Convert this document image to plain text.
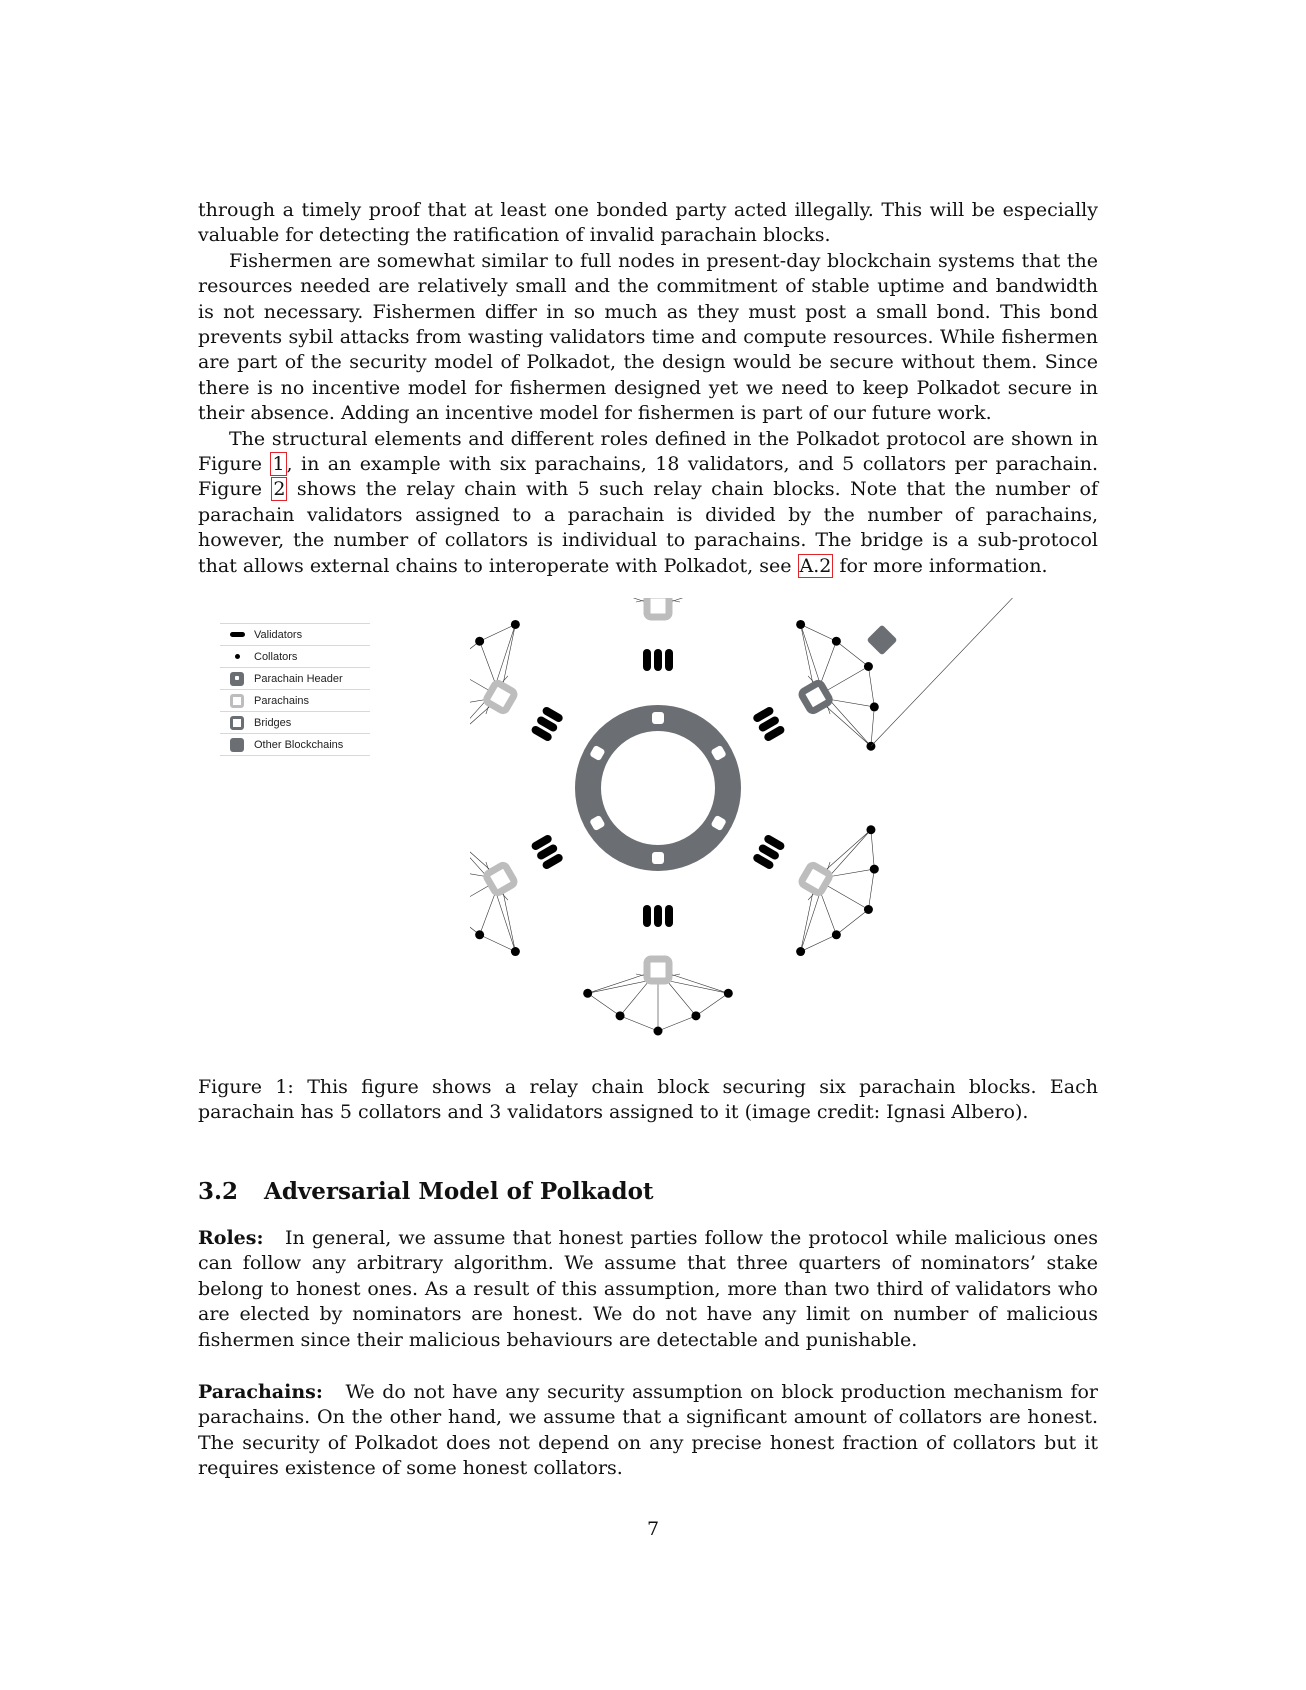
through a timely proof that at least one bonded party acted illegally. This will be especially valuable for detecting the ratification of invalid parachain blocks.

Fishermen are somewhat similar to full nodes in present-day blockchain systems that the resources needed are relatively small and the commitment of stable uptime and bandwidth is not necessary. Fishermen differ in so much as they must post a small bond. This bond prevents sybil attacks from wasting validators time and compute resources. While fishermen are part of the security model of Polkadot, the design would be secure without them. Since there is no incentive model for fishermen designed yet we need to keep Polkadot secure in their absence. Adding an incentive model for fishermen is part of our future work.

The structural elements and different roles defined in the Polkadot protocol are shown in Figure 1 , in an example with six parachains, 18 validators, and 5 collators per parachain. Figure 2 shows the relay chain with 5 such relay chain blocks. Note that the number of parachain validators assigned to a parachain is divided by the number of parachains, however, the number of collators is individual to parachains. The bridge is a sub-protocol that allows external chains to interoperate with Polkadot, see A.2 for more information.

Validators
Collators
Parachain Header
Parachains
Bridges
Other Blockchains
Figure 1: This figure shows a relay chain block securing six parachain blocks. Each parachain has 5 collators and 3 validators assigned to it (image credit: Ignasi Albero).
3.2 Adversarial Model of Polkadot

Roles: In general, we assume that honest parties follow the protocol while malicious ones can follow any arbitrary algorithm. We assume that three quarters of nominators’ stake belong to honest ones. As a result of this assumption, more than two third of validators who are elected by nominators are honest. We do not have any limit on number of malicious fishermen since their malicious behaviours are detectable and punishable.

Parachains: We do not have any security assumption on block production mechanism for parachains. On the other hand, we assume that a significant amount of collators are honest. The security of Polkadot does not depend on any precise honest fraction of collators but it requires existence of some honest collators.

7
